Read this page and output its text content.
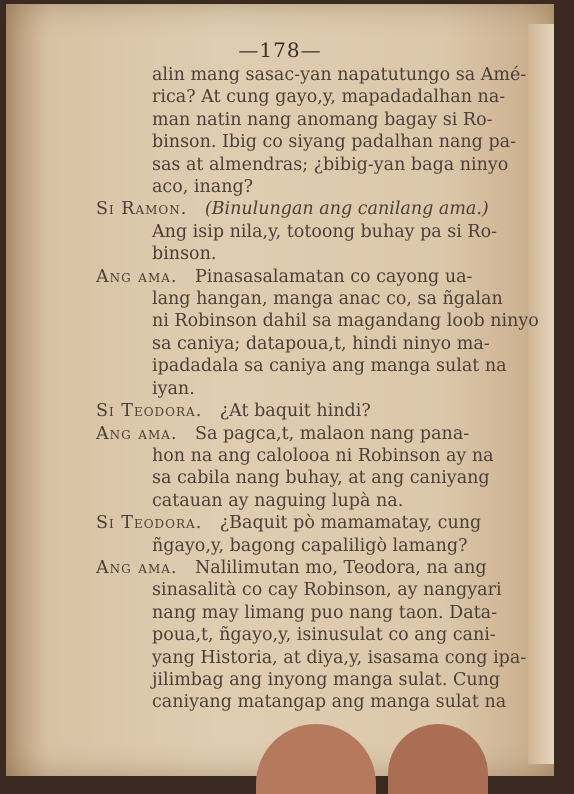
—178—
alin mang sasac-yan napatutungo sa Amé-
rica? At cung gayo,y, mapadadalhan na-
man natin nang anomang bagay si Ro-
binson. Ibig co siyang padalhan nang pa-
sas at almendras; ¿bibig-yan baga ninyo
aco, inang?
Si Ramon.  (Binulungan ang canilang ama.)
Ang isip nila,y, totoong buhay pa si Ro-
binson.
Ang ama.  Pinasasalamatan co cayong ua-
lang hangan, manga anac co, sa ñgalan
ni Robinson dahil sa magandang loob ninyo
sa caniya; datapoua,t, hindi ninyo ma-
ipadadala sa caniya ang manga sulat na
iyan.
Si Teodora.  ¿At baquit hindi?
Ang ama.  Sa pagca,t, malaon nang pana-
hon na ang calolooa ni Robinson ay na
sa cabila nang buhay, at ang caniyang
catauan ay naguing lupà na.
Si Teodora.  ¿Baquit pò mamamatay, cung
ñgayo,y, bagong capaliligò lamang?
Ang ama.  Nalilimutan mo, Teodora, na ang
sinasalità co cay Robinson, ay nangyari
nang may limang puo nang taon. Data-
poua,t, ñgayo,y, isinusulat co ang cani-
yang Historia, at diya,y, isasama cong ipa-
jilimbag ang inyong manga sulat. Cung
caniyang matangap ang manga sulat na
